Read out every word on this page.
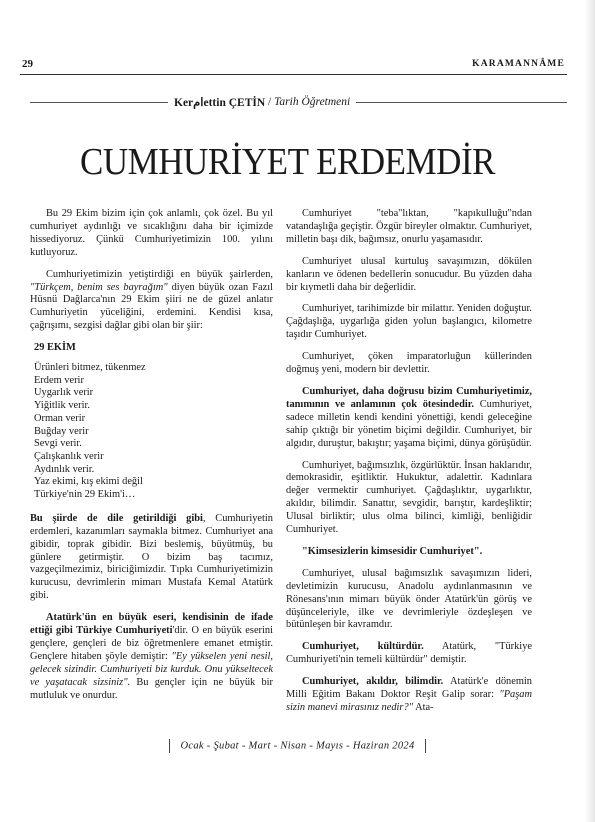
29	KARAMANNÂME
Kerامettin ÇETİN / Tarih Öğretmeni
CUMHURİYET ERDEMDİR

Bu 29 Ekim bizim için çok anlamlı, çok özel. Bu yıl cumhuriyet aydınlığı ve sıcaklığını daha bir içimizde hissediyoruz. Çünkü Cumhuriyetimizin 100. yılını kutluyoruz.

Cumhuriyetimizin yetiştirdiği en büyük şairlerden, "Türkçem, benim ses bayrağım" diyen büyük ozan Fazıl Hüsnü Dağlarca'nın 29 Ekim şiiri ne de güzel anlatır Cumhuriyetin yüceliğini, erdemini. Kendisi kısa, çağrışımı, sezgisi dağlar gibi olan bir şiir:

29 EKİM
Ürünleri bitmez, tükenmez
Erdem verir
Uygarlık verir
Yiğitlik verir.
Orman verir
Buğday verir
Sevgi verir.
Çalışkanlık verir
Aydınlık verir.
Yaz ekimi, kış ekimi değil
Türkiye'nin 29 Ekim'i…

Bu şiirde de dile getirildiği gibi, Cumhuriyetin erdemleri, kazanımları saymakla bitmez. Cumhuriyet ana gibidir, toprak gibidir. Bizi beslemiş, büyütmüş, bu günlere getirmiştir. O bizim baş tacımız, vazgeçilmezimiz, biriciğimizdir. Tıpkı Cumhuriyetimizin kurucusu, devrimlerin mimarı Mustafa Kemal Atatürk gibi.

Atatürk'ün en büyük eseri, kendisinin de ifade ettiği gibi Türkiye Cumhuriyeti'dir. O en büyük eserini gençlere, gençleri de biz öğretmenlere emanet etmiştir. Gençlere hitaben şöyle demiştir: "Ey yükselen yeni nesil, gelecek sizindir. Cumhuriyeti biz kurduk. Onu yükseltecek ve yaşatacak sizsiniz". Bu gençler için ne büyük bir mutluluk ve onurdur.

Cumhuriyet "teba"lıktan, "kapıkulluğu"ndan vatandaşlığa geçiştir. Özgür bireyler olmaktır. Cumhuriyet, milletin başı dik, bağımsız, onurlu yaşamasıdır.

Cumhuriyet ulusal kurtuluş savaşımızın, dökülen kanların ve ödenen bedellerin sonucudur. Bu yüzden daha bir kıymetli daha bir değerlidir.

Cumhuriyet, tarihimizde bir milattır. Yeniden doğuştur. Çağdaşlığa, uygarlığa giden yolun başlangıcı, kilometre taşıdır Cumhuriyet.

Cumhuriyet, çöken imparatorluğun küllerinden doğmuş yeni, modern bir devlettir.

Cumhuriyet, daha doğrusu bizim Cumhuriyetimiz, tanımının ve anlamının çok ötesindedir. Cumhuriyet, sadece milletin kendi kendini yönettiği, kendi geleceğine sahip çıktığı bir yönetim biçimi değildir. Cumhuriyet, bir algıdır, duruştur, bakıştır; yaşama biçimi, dünya görüşüdür.

Cumhuriyet, bağımsızlık, özgürlüktür. İnsan haklarıdır, demokrasidir, eşitliktir. Hukuktur, adalettir. Kadınlara değer vermektir cumhuriyet. Çağdaşlıktır, uygarlıktır, akıldır, bilimdir. Sanattır, sevgidir, barıştır, kardeşliktir; Ulusal birliktir; ulus olma bilinci, kimliği, benliğidir Cumhuriyet.

"Kimsesizlerin kimsesidir Cumhuriyet".

Cumhuriyet, ulusal bağımsızlık savaşımızın lideri, devletimizin kurucusu, Anadolu aydınlanmasının ve Rönesans'ının mimarı büyük önder Atatürk'ün görüş ve düşünceleriyle, ilke ve devrimleriyle özdeşleşen ve bütünleşen bir kavramdır.

Cumhuriyet, kültürdür. Atatürk, "Türkiye Cumhuriyeti'nin temeli kültürdür" demiştir.

Cumhuriyet, akıldır, bilimdir. Atatürk'e dönemin Milli Eğitim Bakanı Doktor Reşit Galip sorar: "Paşam sizin manevi mirasınız nedir?" Ata-

Ocak - Şubat - Mart - Nisan - Mayıs - Haziran 2024
